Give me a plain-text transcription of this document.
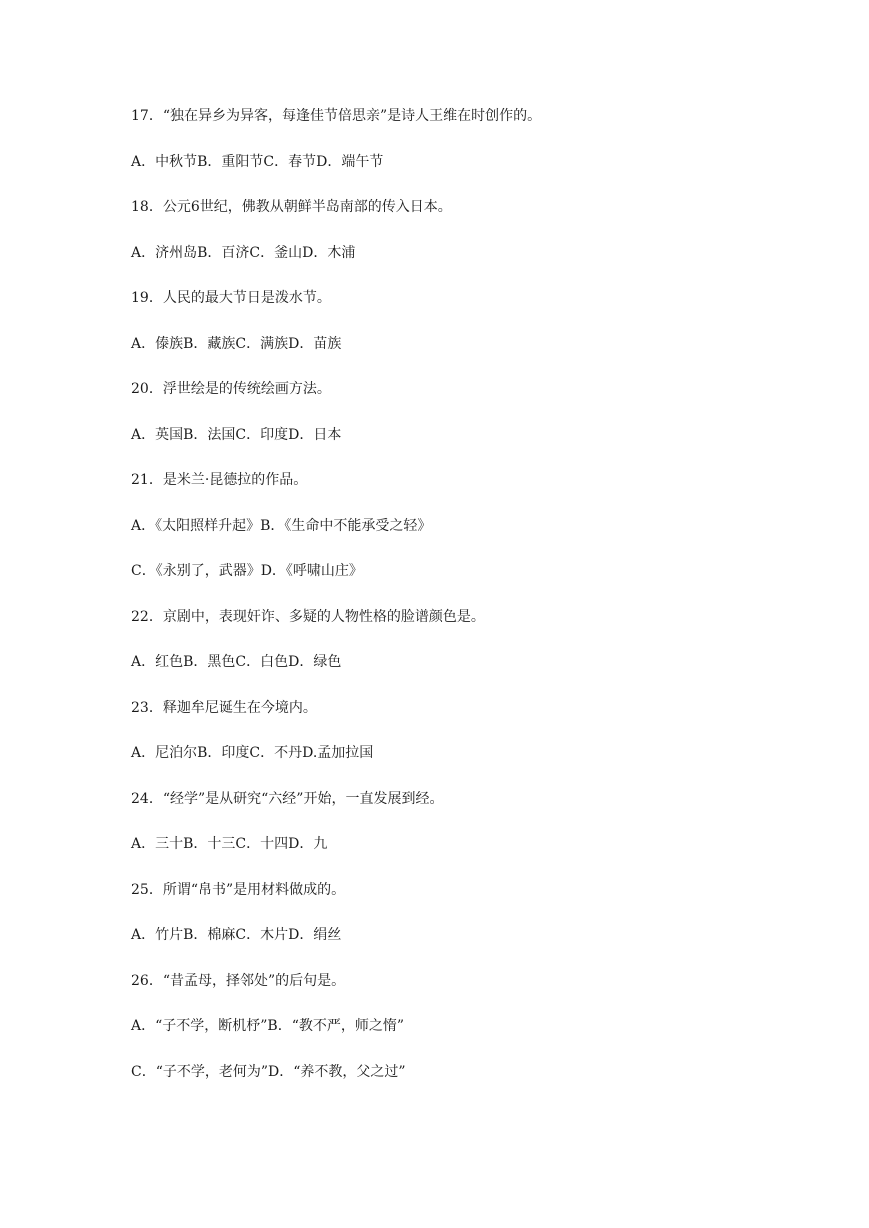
17．“独在异乡为异客，每逢佳节倍思亲”是诗人王维在时创作的。
A．中秋节B．重阳节C．春节D．端午节
18．公元6世纪，佛教从朝鲜半岛南部的传入日本。
A．济州岛B．百济C．釜山D．木浦
19．人民的最大节日是泼水节。
A．傣族B．藏族C．满族D．苗族
20．浮世绘是的传统绘画方法。
A．英国B．法国C．印度D．日本
21．是米兰·昆德拉的作品。
A．《太阳照样升起》B．《生命中不能承受之轻》
C．《永别了，武器》D．《呼啸山庄》
22．京剧中，表现奸诈、多疑的人物性格的脸谱颜色是。
A．红色B．黑色C．白色D．绿色
23．释迦牟尼诞生在今境内。
A．尼泊尔B．印度C．不丹D.孟加拉国
24．“经学”是从研究“六经”开始，一直发展到经。
A．三十B．十三C．十四D．九
25．所谓“帛书”是用材料做成的。
A．竹片B．棉麻C．木片D．绢丝
26．“昔孟母，择邻处”的后句是。
A．“子不学，断机杼”B．“教不严，师之惰”
C．“子不学，老何为”D．“养不教，父之过”
